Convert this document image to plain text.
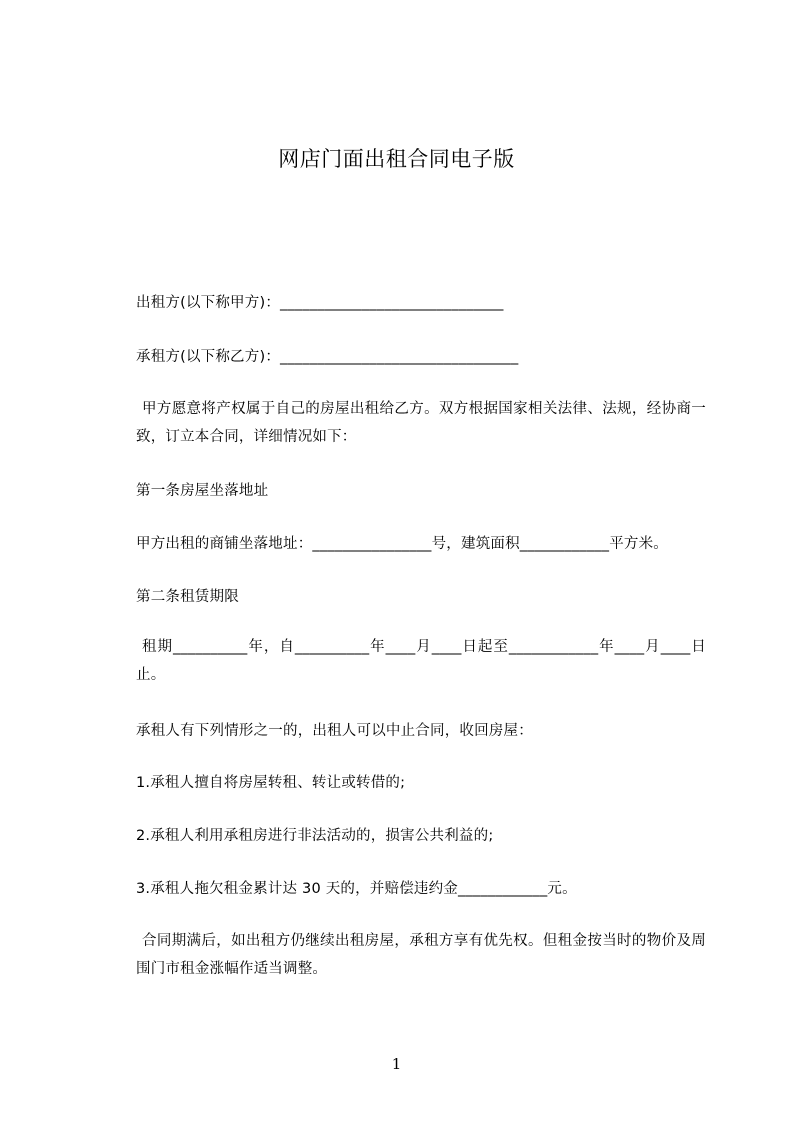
网店门面出租合同电子版
出租方(以下称甲方)：______________________________
承租方(以下称乙方)：________________________________
甲方愿意将产权属于自己的房屋出租给乙方。双方根据国家相关法律、法规，经协商一致，订立本合同，详细情况如下：
第一条房屋坐落地址
甲方出租的商铺坐落地址：________________号，建筑面积____________平方米。
第二条租赁期限
租期__________年，自__________年____月____日起至____________年____月____日止。
承租人有下列情形之一的，出租人可以中止合同，收回房屋：
1.承租人擅自将房屋转租、转让或转借的;
2.承租人利用承租房进行非法活动的，损害公共利益的;
3.承租人拖欠租金累计达 30 天的，并赔偿违约金____________元。
合同期满后，如出租方仍继续出租房屋，承租方享有优先权。但租金按当时的物价及周围门市租金涨幅作适当调整。
1
